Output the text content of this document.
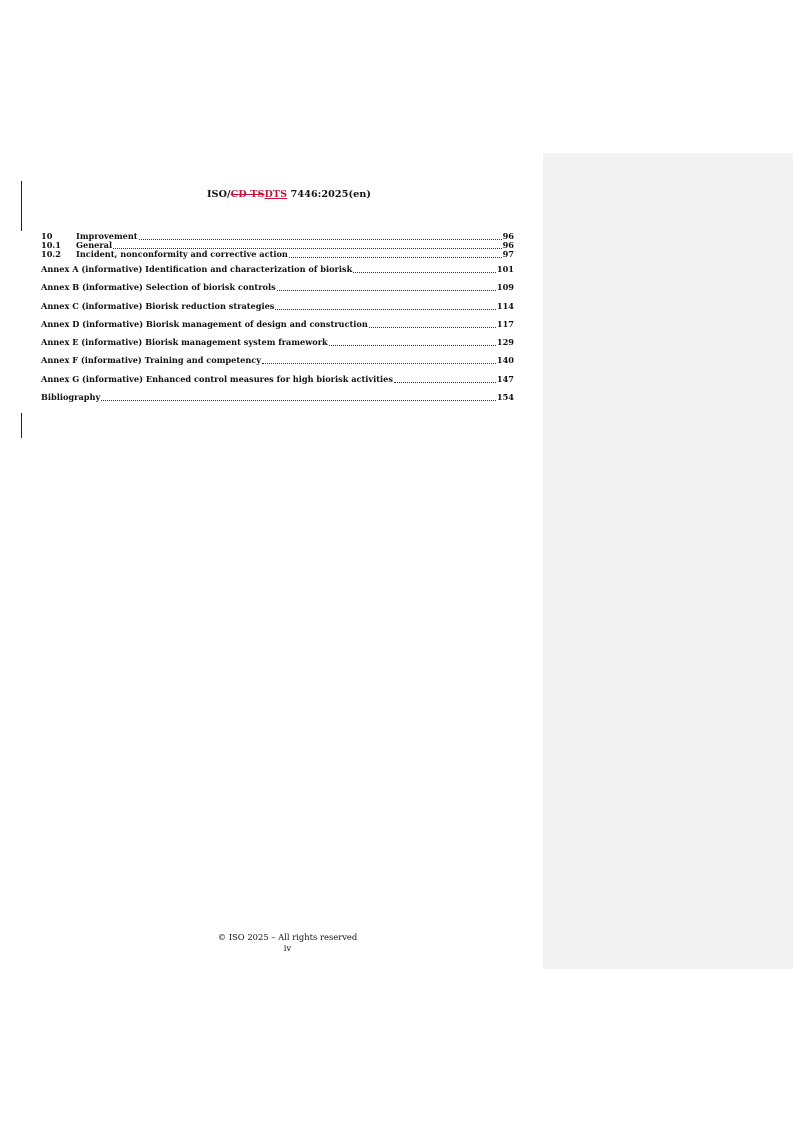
ISO/CD TSDTS 7446:2025(en)
10	Improvement	96
10.1	General	96
10.2	Incident, nonconformity and corrective action	97
Annex A (informative) Identification and characterization of biorisk	101
Annex B (informative) Selection of biorisk controls	109
Annex C (informative) Biorisk reduction strategies	114
Annex D (informative) Biorisk management of design and construction	117
Annex E (informative) Biorisk management system framework	129
Annex F (informative) Training and competency	140
Annex G (informative) Enhanced control measures for high biorisk activities	147
Bibliography	154
© ISO 2025 – All rights reserved
iv
